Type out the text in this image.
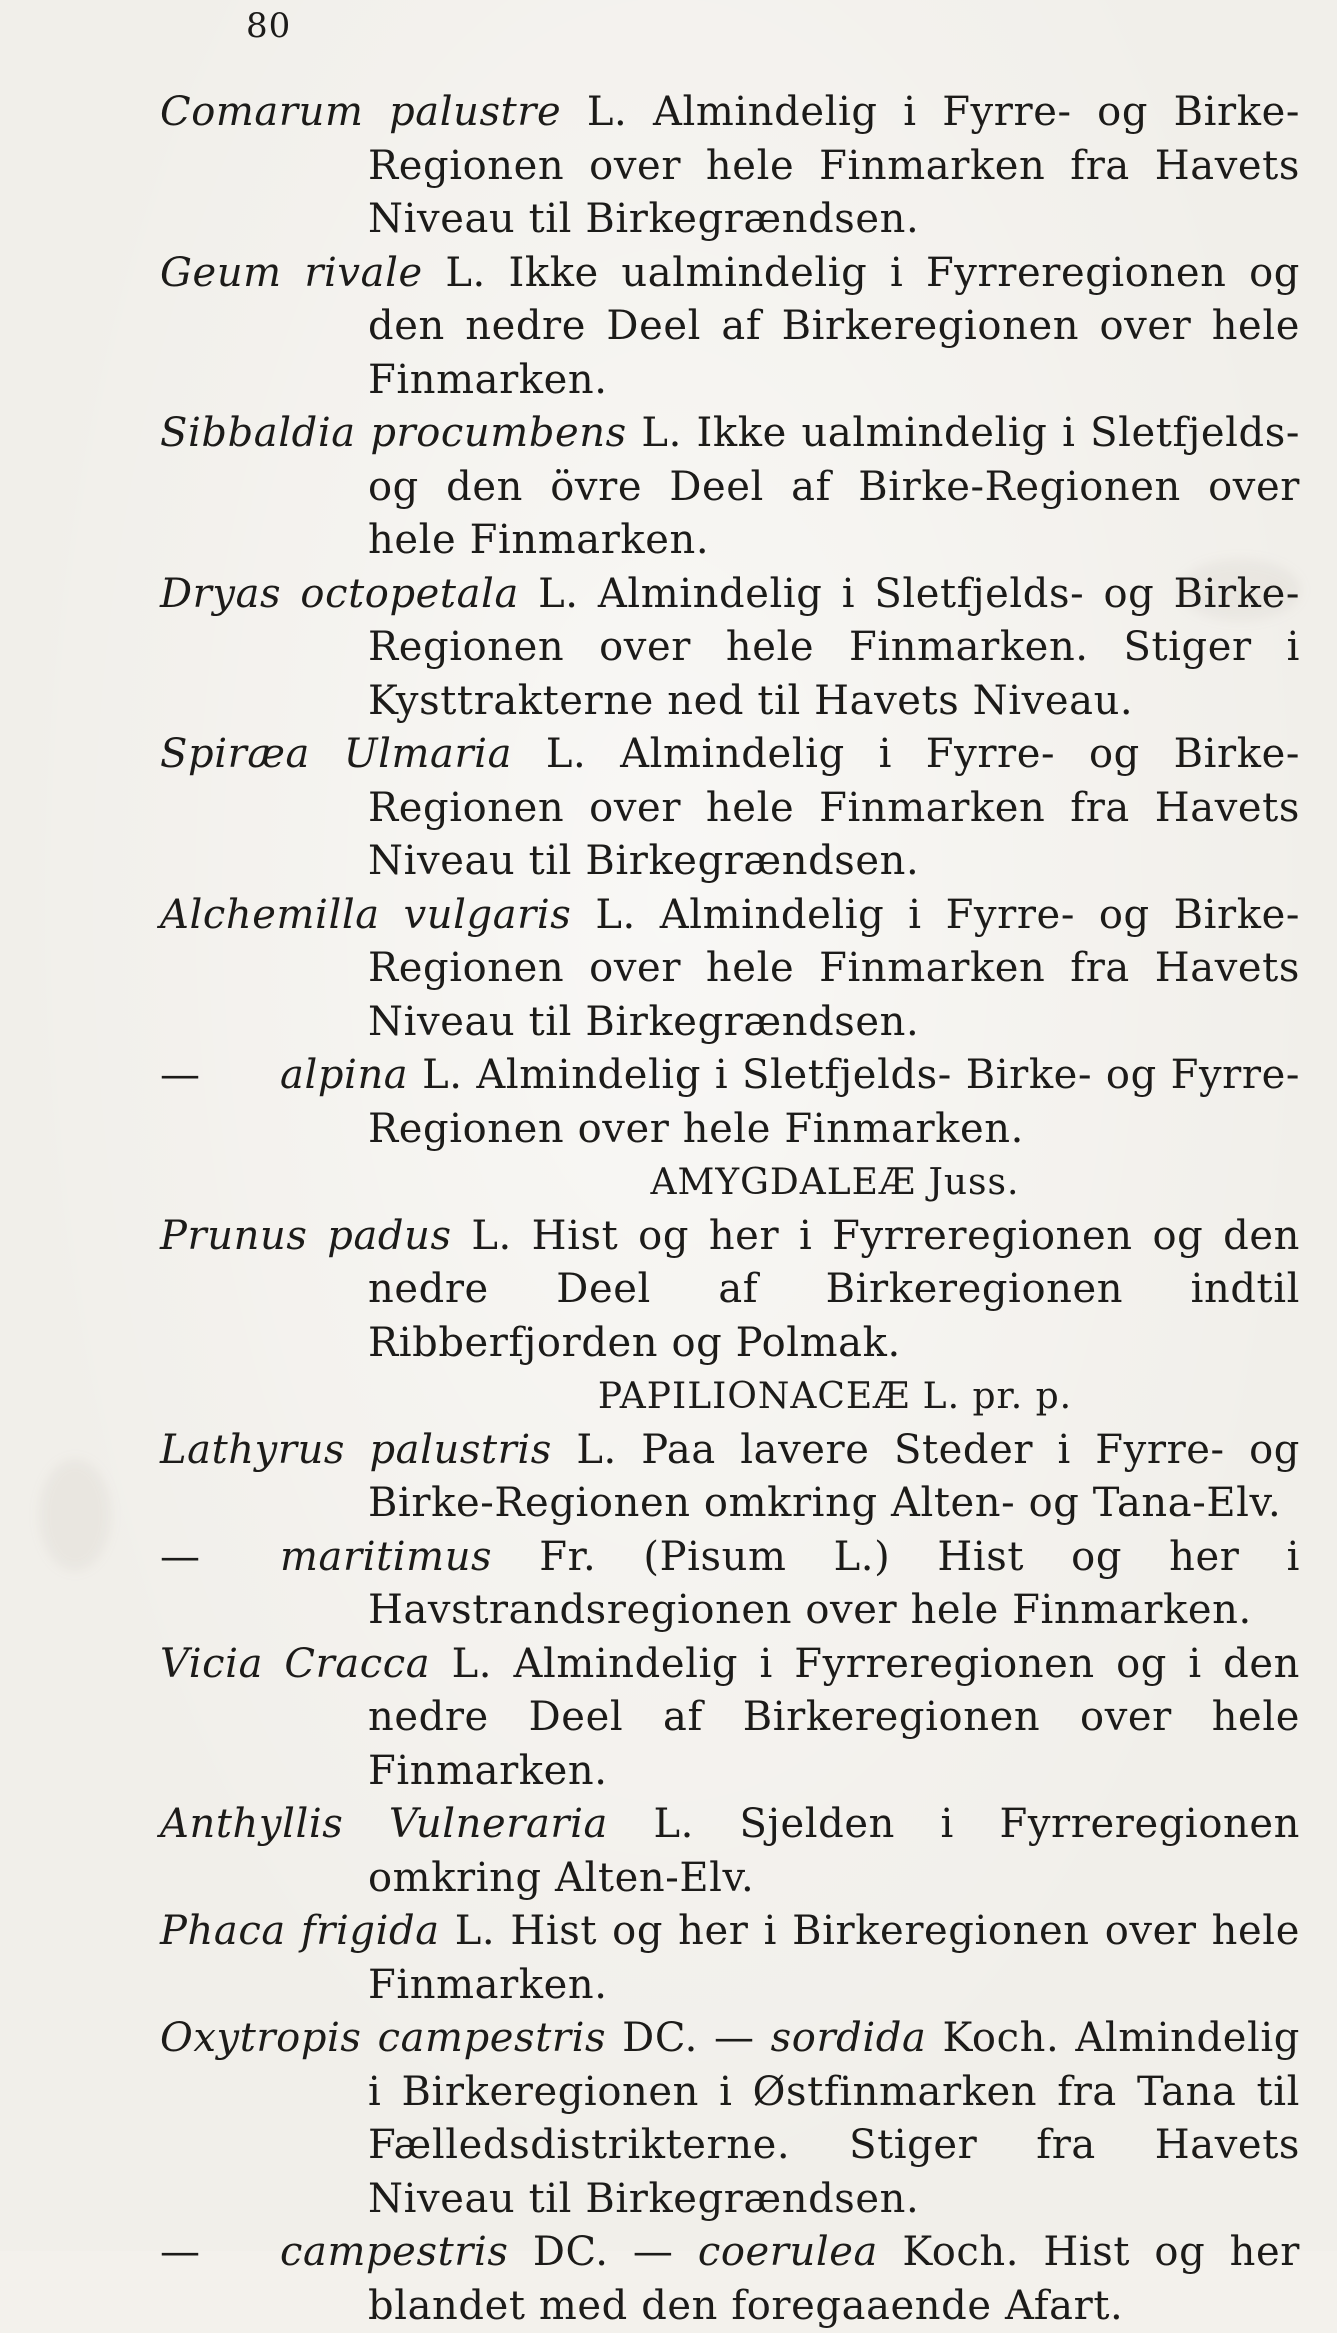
80

Comarum palustre L. Almindelig i Fyrre- og Birke-Regionen over hele Finmarken fra Havets Niveau til Birkegrændsen.

Geum rivale L. Ikke ualmindelig i Fyrreregionen og den nedre Deel af Birkeregionen over hele Finmarken.

Sibbaldia procumbens L. Ikke ualmindelig i Sletfjelds- og den övre Deel af Birke-Regionen over hele Finmarken.

Dryas octopetala L. Almindelig i Sletfjelds- og Birke-Regionen over hele Finmarken. Stiger i Kysttrakterne ned til Havets Niveau.

Spiræa Ulmaria L. Almindelig i Fyrre- og Birke-Regionen over hele Finmarken fra Havets Niveau til Birkegrændsen.

Alchemilla vulgaris L. Almindelig i Fyrre- og Birke-Regionen over hele Finmarken fra Havets Niveau til Birkegrændsen.

— alpina L. Almindelig i Sletfjelds- Birke- og Fyrre-Regionen over hele Finmarken.

AMYGDALEÆ Juss.

Prunus padus L. Hist og her i Fyrreregionen og den nedre Deel af Birkeregionen indtil Ribberfjorden og Polmak.

PAPILIONACEÆ L. pr. p.

Lathyrus palustris L. Paa lavere Steder i Fyrre- og Birke-Regionen omkring Alten- og Tana-Elv.

— maritimus Fr. (Pisum L.) Hist og her i Havstrandsregionen over hele Finmarken.

Vicia Cracca L. Almindelig i Fyrreregionen og i den nedre Deel af Birkeregionen over hele Finmarken.

Anthyllis Vulneraria L. Sjelden i Fyrreregionen omkring Alten-Elv.

Phaca frigida L. Hist og her i Birkeregionen over hele Finmarken.

Oxytropis campestris DC. — sordida Koch. Almindelig i Birkeregionen i Østfinmarken fra Tana til Fælledsdistrikterne. Stiger fra Havets Niveau til Birkegrændsen.

— campestris DC. — coerulea Koch. Hist og her blandet med den foregaaende Afart.
